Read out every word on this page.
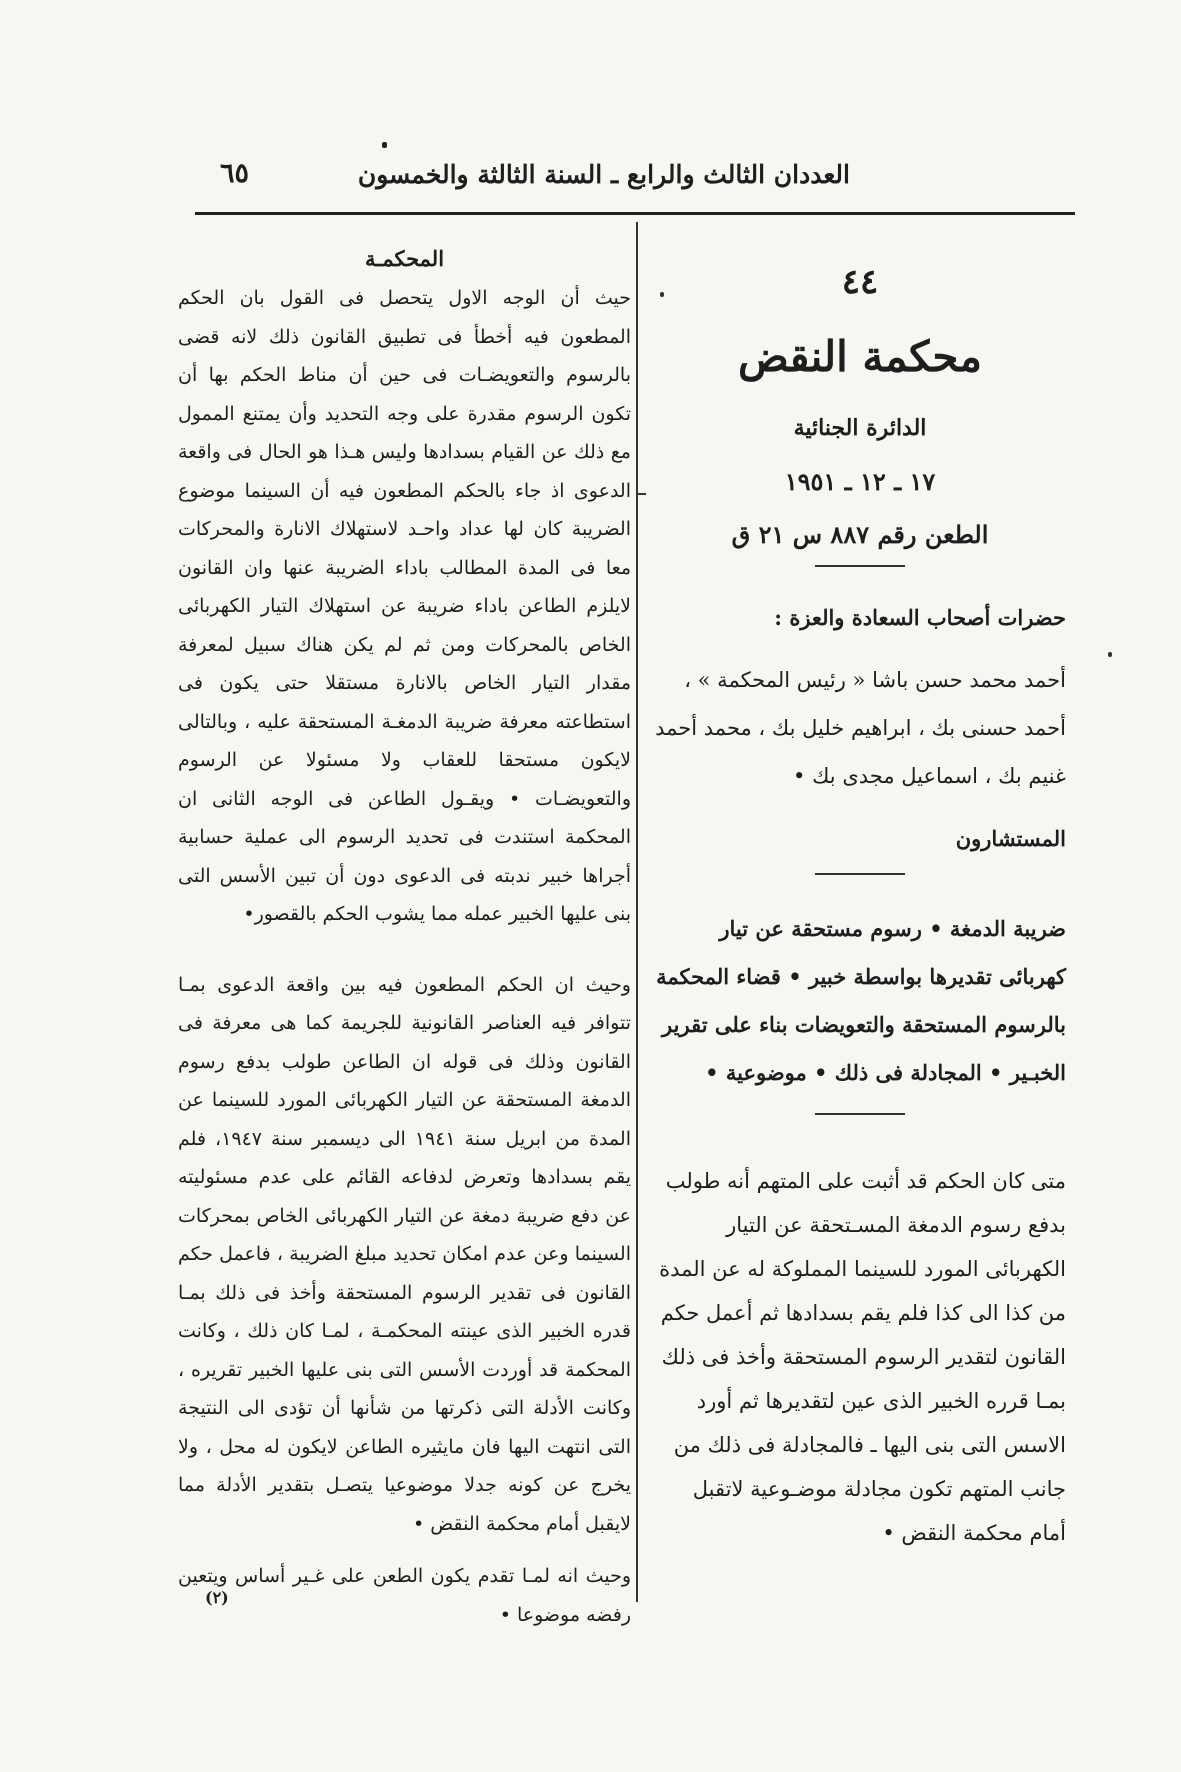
العددان الثالث والرابع ـ السنة الثالثة والخمسون
٦٥
المحكمـة

حيث أن الوجه الاول يتحصل فى القول بان الحكم المطعون فيه أخطأ فى تطبيق القانون ذلك لانه قضى بالرسوم والتعويضـات فى حين أن مناط الحكم بها أن تكون الرسوم مقدرة على وجه التحديد وأن يمتنع الممول مع ذلك عن القيام بسدادها وليس هـذا هو الحال فى واقعة الدعوى اذ جاء بالحكم المطعون فيه أن السينما موضوع الضريبة كان لها عداد واحـد لاستهلاك الانارة والمحركات معا فى المدة المطالب باداء الضريبة عنها وان القانون لايلزم الطاعن باداء ضريبة عن استهلاك التيار الكهربائى الخاص بالمحركات ومن ثم لم يكن هناك سبيل لمعرفة مقدار التيار الخاص بالانارة مستقلا حتى يكون فى استطاعته معرفة ضريبة الدمغـة المستحقة عليه ، وبالتالى لايكون مستحقا للعقاب ولا مسئولا عن الرسوم والتعويضـات • ويقـول الطاعن فى الوجه الثانى ان المحكمة استندت فى تحديد الرسوم الى عملية حسابية أجراها خبير ندبته فى الدعوى دون أن تبين الأسس التى بنى عليها الخبير عمله مما يشوب الحكم بالقصور•

وحيث ان الحكم المطعون فيه بين واقعة الدعوى بمـا تتوافر فيه العناصر القانونية للجريمة كما هى معرفة فى القانون وذلك فى قوله ان الطاعن طولب بدفع رسوم الدمغة المستحقة عن التيار الكهربائى المورد للسينما عن المدة من ابريل سنة ١٩٤١ الى ديسمبر سنة ١٩٤٧، فلم يقم بسدادها وتعرض لدفاعه القائم على عدم مسئوليته عن دفع ضريبة دمغة عن التيار الكهربائى الخاص بمحركات السينما وعن عدم امكان تحديد مبلغ الضريبة ، فاعمل حكم القانون فى تقدير الرسوم المستحقة وأخذ فى ذلك بمـا قدره الخبير الذى عينته المحكمـة ، لمـا كان ذلك ، وكانت المحكمة قد أوردت الأسس التى بنى عليها الخبير تقريره ، وكانت الأدلة التى ذكرتها من شأنها أن تؤدى الى النتيجة التى انتهت اليها فان مايثيره الطاعن لايكون له محل ، ولا يخرج عن كونه جدلا موضوعيا يتصـل بتقدير الأدلة مما لايقبل أمام محكمة النقض •

وحيث انه لمـا تقدم يكون الطعن على غـير أساس ويتعين رفضه موضوعا •

٤٤
محكمة النقض
الدائرة الجنائية
١٧ ـ ١٢ ـ ١٩٥١
الطعن رقم ٨٨٧ س ٢١ ق
حضرات أصحاب السعادة والعزة :
أحمد محمد حسن باشا « رئيس المحكمة » ، أحمد حسنى بك ، ابراهيم خليل بك ، محمد أحمد غنيم بك ، اسماعيل مجدى بك •
المستشارون
ضريبة الدمغة • رسوم مستحقة عن تيار كهربائى تقديرها بواسطة خبير • قضاء المحكمة بالرسوم المستحقة والتعويضات بناء على تقرير الخبـير • المجادلة فى ذلك • موضوعية •
متى كان الحكم قد أثبت على المتهم أنه طولب بدفع رسوم الدمغة المسـتحقة عن التيار الكهربائى المورد للسينما المملوكة له عن المدة من كذا الى كذا فلم يقم بسدادها ثم أعمل حكم القانون لتقدير الرسوم المستحقة وأخذ فى ذلك بمـا قرره الخبير الذى عين لتقديرها ثم أورد الاسس التى بنى اليها ـ فالمجادلة فى ذلك من جانب المتهم تكون مجادلة موضـوعية لاتقبل أمام محكمة النقض •
(٢)
